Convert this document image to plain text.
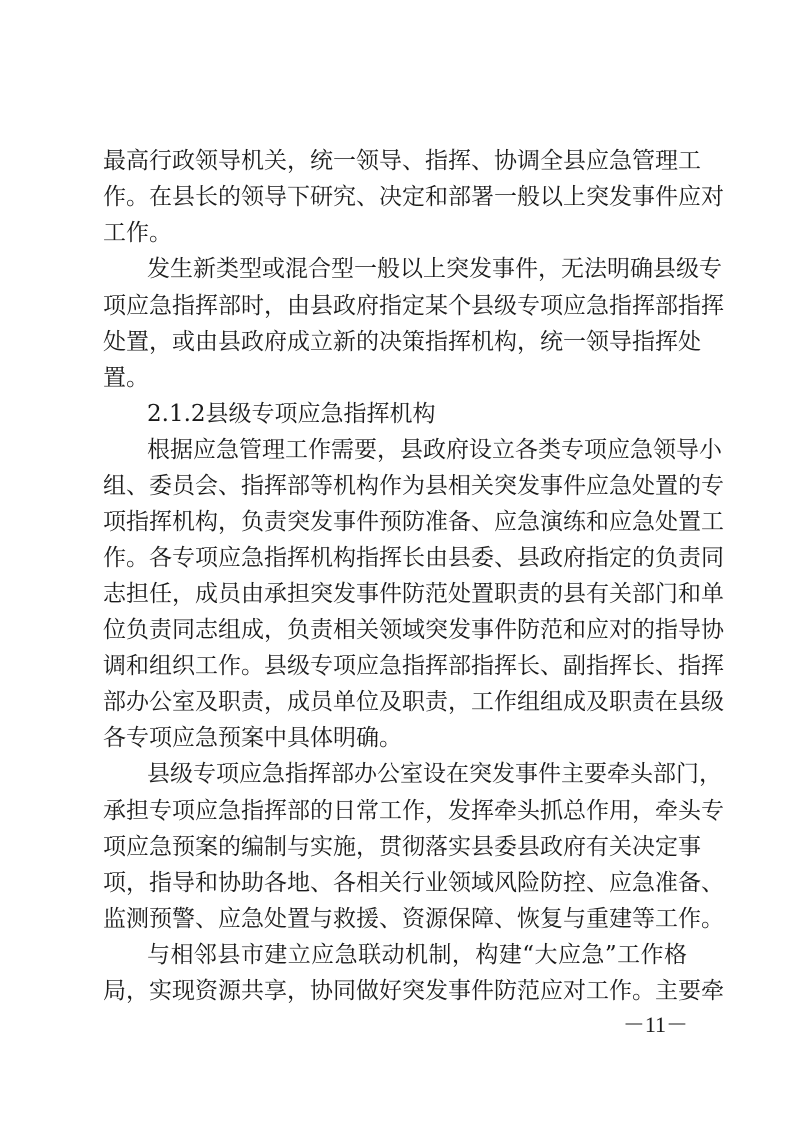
最高行政领导机关，统一领导、指挥、协调全县应急管理工
作。在县长的领导下研究、决定和部署一般以上突发事件应对
工作。
发生新类型或混合型一般以上突发事件，无法明确县级专
项应急指挥部时，由县政府指定某个县级专项应急指挥部指挥
处置，或由县政府成立新的决策指挥机构，统一领导指挥处
置。
2.1.2县级专项应急指挥机构
根据应急管理工作需要，县政府设立各类专项应急领导小
组、委员会、指挥部等机构作为县相关突发事件应急处置的专
项指挥机构，负责突发事件预防准备、应急演练和应急处置工
作。各专项应急指挥机构指挥长由县委、县政府指定的负责同
志担任，成员由承担突发事件防范处置职责的县有关部门和单
位负责同志组成，负责相关领域突发事件防范和应对的指导协
调和组织工作。县级专项应急指挥部指挥长、副指挥长、指挥
部办公室及职责，成员单位及职责，工作组组成及职责在县级
各专项应急预案中具体明确。
县级专项应急指挥部办公室设在突发事件主要牵头部门，
承担专项应急指挥部的日常工作，发挥牵头抓总作用，牵头专
项应急预案的编制与实施，贯彻落实县委县政府有关决定事
项，指导和协助各地、各相关行业领域风险防控、应急准备、
监测预警、应急处置与救援、资源保障、恢复与重建等工作。
与相邻县市建立应急联动机制，构建“大应急”工作格
局，实现资源共享，协同做好突发事件防范应对工作。主要牵
－11－
